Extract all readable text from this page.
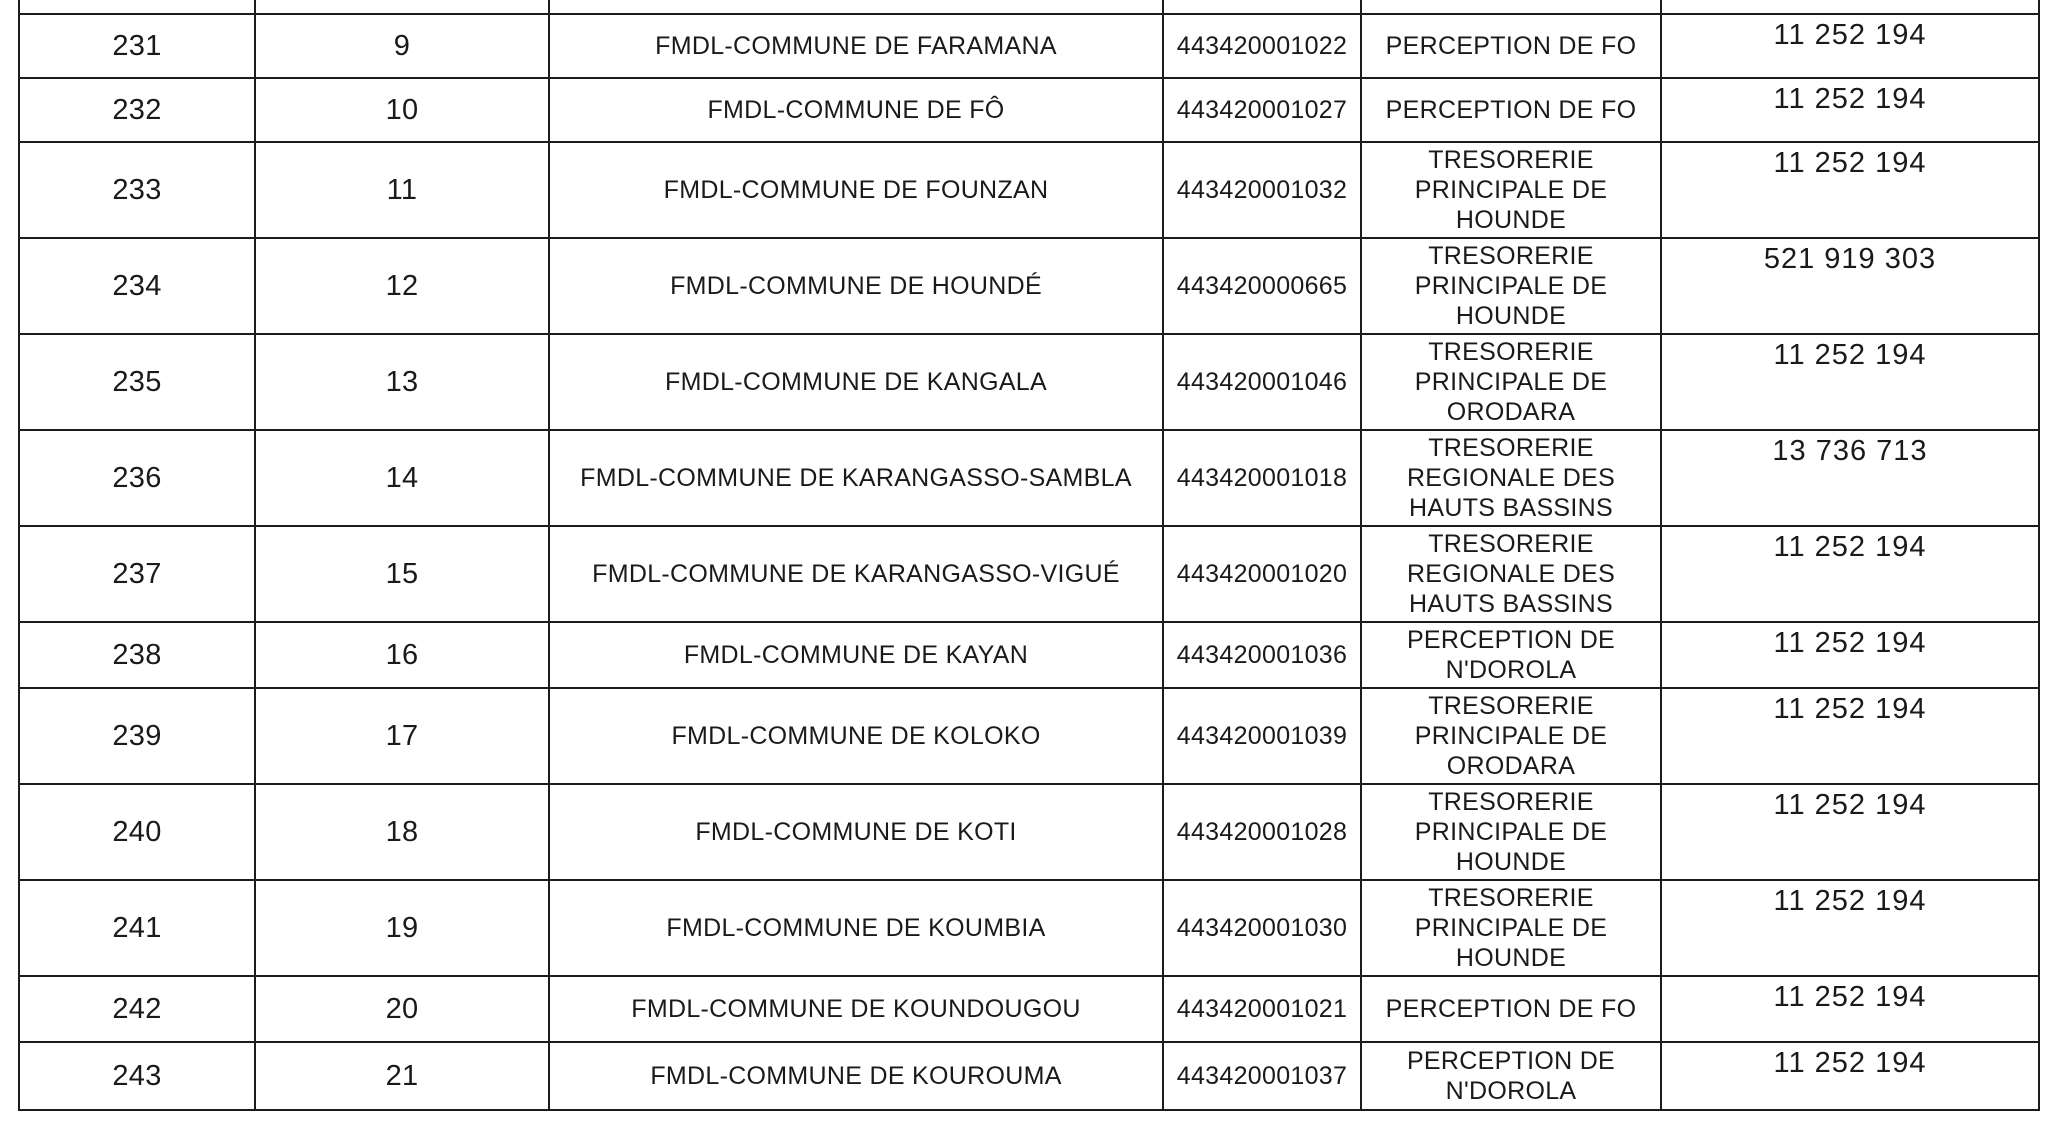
231	9	FMDL-COMMUNE DE FARAMANA	443420001022	PERCEPTION DE FO	11 252 194
232	10	FMDL-COMMUNE DE FÔ	443420001027	PERCEPTION DE FO	11 252 194
233	11	FMDL-COMMUNE DE FOUNZAN	443420001032	TRESORERIE
PRINCIPALE DE
HOUNDE	11 252 194
234	12	FMDL-COMMUNE DE HOUNDÉ	443420000665	TRESORERIE
PRINCIPALE DE
HOUNDE	521 919 303
235	13	FMDL-COMMUNE DE KANGALA	443420001046	TRESORERIE
PRINCIPALE DE
ORODARA	11 252 194
236	14	FMDL-COMMUNE DE KARANGASSO-SAMBLA	443420001018	TRESORERIE
REGIONALE DES
HAUTS BASSINS	13 736 713
237	15	FMDL-COMMUNE DE KARANGASSO-VIGUÉ	443420001020	TRESORERIE
REGIONALE DES
HAUTS BASSINS	11 252 194
238	16	FMDL-COMMUNE DE KAYAN	443420001036	PERCEPTION DE
N'DOROLA	11 252 194
239	17	FMDL-COMMUNE DE KOLOKO	443420001039	TRESORERIE
PRINCIPALE DE
ORODARA	11 252 194
240	18	FMDL-COMMUNE DE KOTI	443420001028	TRESORERIE
PRINCIPALE DE
HOUNDE	11 252 194
241	19	FMDL-COMMUNE DE KOUMBIA	443420001030	TRESORERIE
PRINCIPALE DE
HOUNDE	11 252 194
242	20	FMDL-COMMUNE DE KOUNDOUGOU	443420001021	PERCEPTION DE FO	11 252 194
243	21	FMDL-COMMUNE DE KOUROUMA	443420001037	PERCEPTION DE
N'DOROLA	11 252 194
